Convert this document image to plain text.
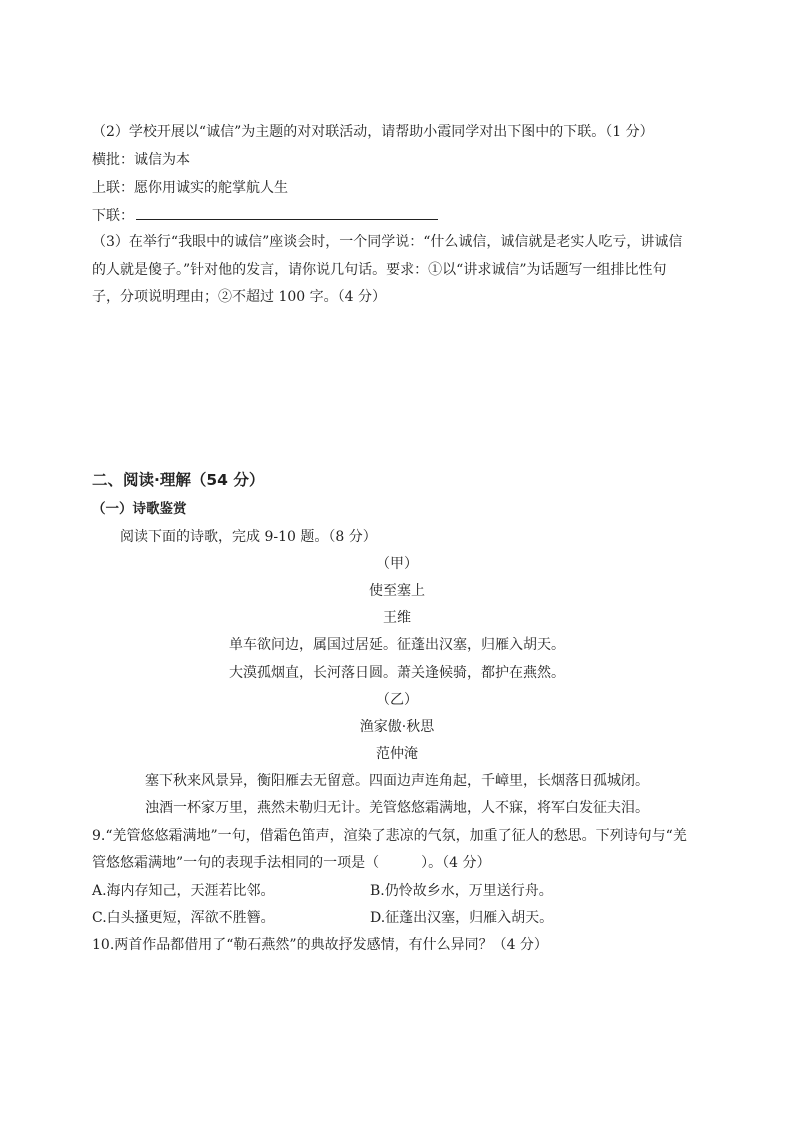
（2）学校开展以“诚信”为主题的对对联活动，请帮助小霞同学对出下图中的下联。（1 分）
横批：诚信为本
上联：愿你用诚实的舵掌航人生
下联：
（3）在举行“我眼中的诚信”座谈会时，一个同学说：“什么诚信，诚信就是老实人吃亏，讲诚信
的人就是傻子。”针对他的发言，请你说几句话。要求：①以“讲求诚信”为话题写一组排比性句
子，分项说明理由；②不超过 100 字。（4 分）
二、阅读·理解（54 分）
（一）诗歌鉴赏
阅读下面的诗歌，完成 9-10 题。（8 分）
（甲）
使至塞上
王维
单车欲问边，属国过居延。征蓬出汉塞，归雁入胡天。
大漠孤烟直，长河落日圆。萧关逢候骑，都护在燕然。
（乙）
渔家傲·秋思
范仲淹
塞下秋来风景异，衡阳雁去无留意。四面边声连角起，千嶂里，长烟落日孤城闭。
浊酒一杯家万里，燕然未勒归无计。羌管悠悠霜满地，人不寐，将军白发征夫泪。
9.“羌管悠悠霜满地”一句，借霜色笛声，渲染了悲凉的气氛，加重了征人的愁思。下列诗句与“羌
管悠悠霜满地”一句的表现手法相同的一项是（　　　）。（4 分）
A.海内存知己，天涯若比邻。	B.仍怜故乡水，万里送行舟。
C.白头搔更短，浑欲不胜簪。	D.征蓬出汉塞，归雁入胡天。
10.两首作品都借用了“勒石燕然”的典故抒发感情，有什么异同？（4 分）
